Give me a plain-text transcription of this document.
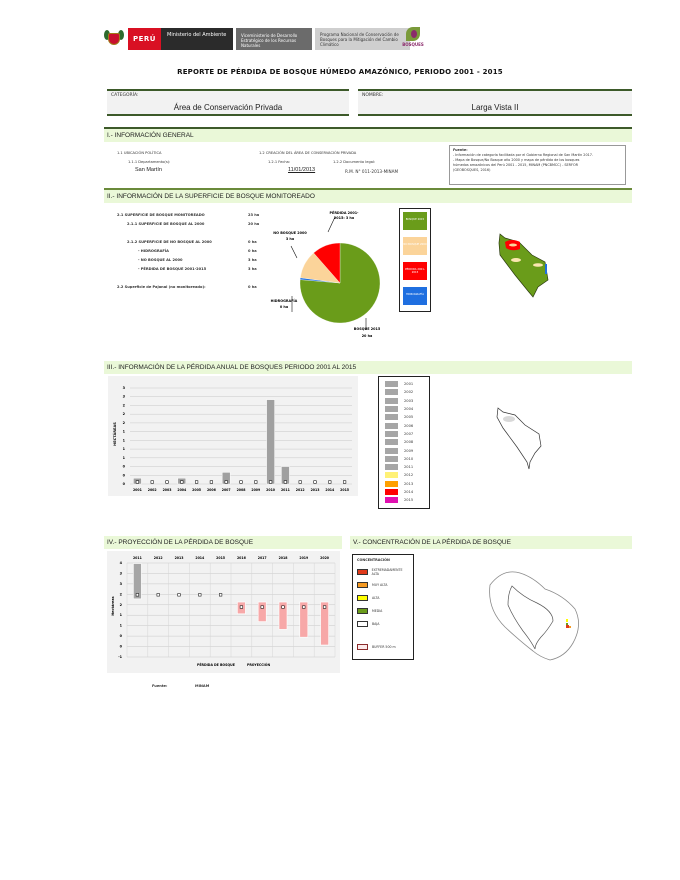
PERÚ	Ministerio del Ambiente	Viceministerio de Desarrollo Estratégico de los Recursos Naturales
Programa Nacional de Conservación de Bosques para la Mitigación del Cambio Climático	BOSQUES
REPORTE DE PÉRDIDA DE BOSQUE HÚMEDO AMAZÓNICO, PERIODO 2001 - 2015
CATEGORÍA:
Área de Conservación Privada
NOMBRE:
Larga Vista II
I.- INFORMACIÓN GENERAL
1.1 UBICACIÓN POLÍTICA
1.1.1 Departamento(s):
San Martín
1.2 CREACIÓN DEL ÁREA DE CONSERVACIÓN PRIVADA
1.2.1 Fecha:
11/01/2013
1.2.2 Documento legal:
R.M. N° 011-2013-MINAM
Fuente:
- Información de categoría facilitada por el Gobierno Regional de San Martín 2017.
- Mapa de Bosque/No Bosque año 2000 y mapa de pérdida de los bosques
húmedos amazónicos del Perú 2001 - 2015, MINAM (PNCBMCC) - SERFOR
(GEOBOSQUES, 2016)
II.- INFORMACIÓN DE LA SUPERFICIE DE BOSQUE MONITOREADO
2.1 SUPERFICIE DE BOSQUE MONITOREADO	23 ha
2.1.1 SUPERFICIE DE BOSQUE AL 2000	20 ha
2.1.2 SUPERFICIE DE NO BOSQUE AL 2000	0 ha
- HIDROGRAFÍA	0 ha
- NO BOSQUE AL 2000	3 ha
- PÉRDIDA DE BOSQUE 2001-2015	3 ha
2.2 Superficie de Pajonal (no monitoreado):	0 ha
PÉRDIDA 2001-
2015: 3 ha
NO BOSQUE 2000
3 ha
HIDROGRAFÍA
0 ha
BOSQUE 2015
20 ha
BOSQUE 2015
NO BOSQUE 2000
PÉRDIDA 2001-2015
HIDROGRAFÍA
III.- INFORMACIÓN DE LA PÉRDIDA ANUAL DE BOSQUES PERIODO 2001 AL 2015
0
0
0
1
1
1
1
2
2
2
3
3
2001 2002 2003 2004 2005 2006 2007 2008 2009 2010 2011 2012 2013 2014 2015
HECTÁREAS
2001
2002
2003
2004
2005
2006
2007
2008
2009
2010
2011
2012
2013
2014
2015
IV.- PROYECCIÓN DE LA PÉRDIDA DE BOSQUE
4
3
3
2
2
1
1
0
0
-1
2011	2012	2013	2014	2015	2016	2017	2018	2019	2020
Hectáreas
PÉRDIDA DE BOSQUE	PROYECCIÓN
Fuente:	MINAM
V.- CONCENTRACIÓN DE LA PÉRDIDA DE BOSQUE
CONCENTRACIÓN
EXTREMADAMENTE ALTA
MUY ALTA
ALTA
MEDIA
BAJA
BUFFER 500 m
